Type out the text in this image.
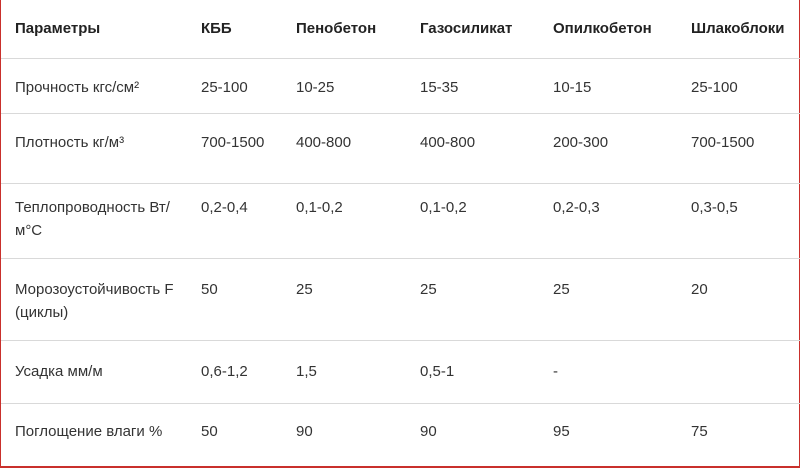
Параметры	КББ	Пенобетон	Газосиликат	Опилкобетон	Шлакоблоки
Прочность кгс/см²	25-100	10-25	15-35	10-15	25-100
Плотность кг/м³	700-1500	400-800	400-800	200-300	700-1500
Теплопроводность Вт/м°С	0,2-0,4	0,1-0,2	0,1-0,2	0,2-0,3	0,3-0,5
Морозоустойчивость F (циклы)	50	25	25	25	20
Усадка мм/м	0,6-1,2	1,5	0,5-1	-	
Поглощение влаги %	50	90	90	95	75
